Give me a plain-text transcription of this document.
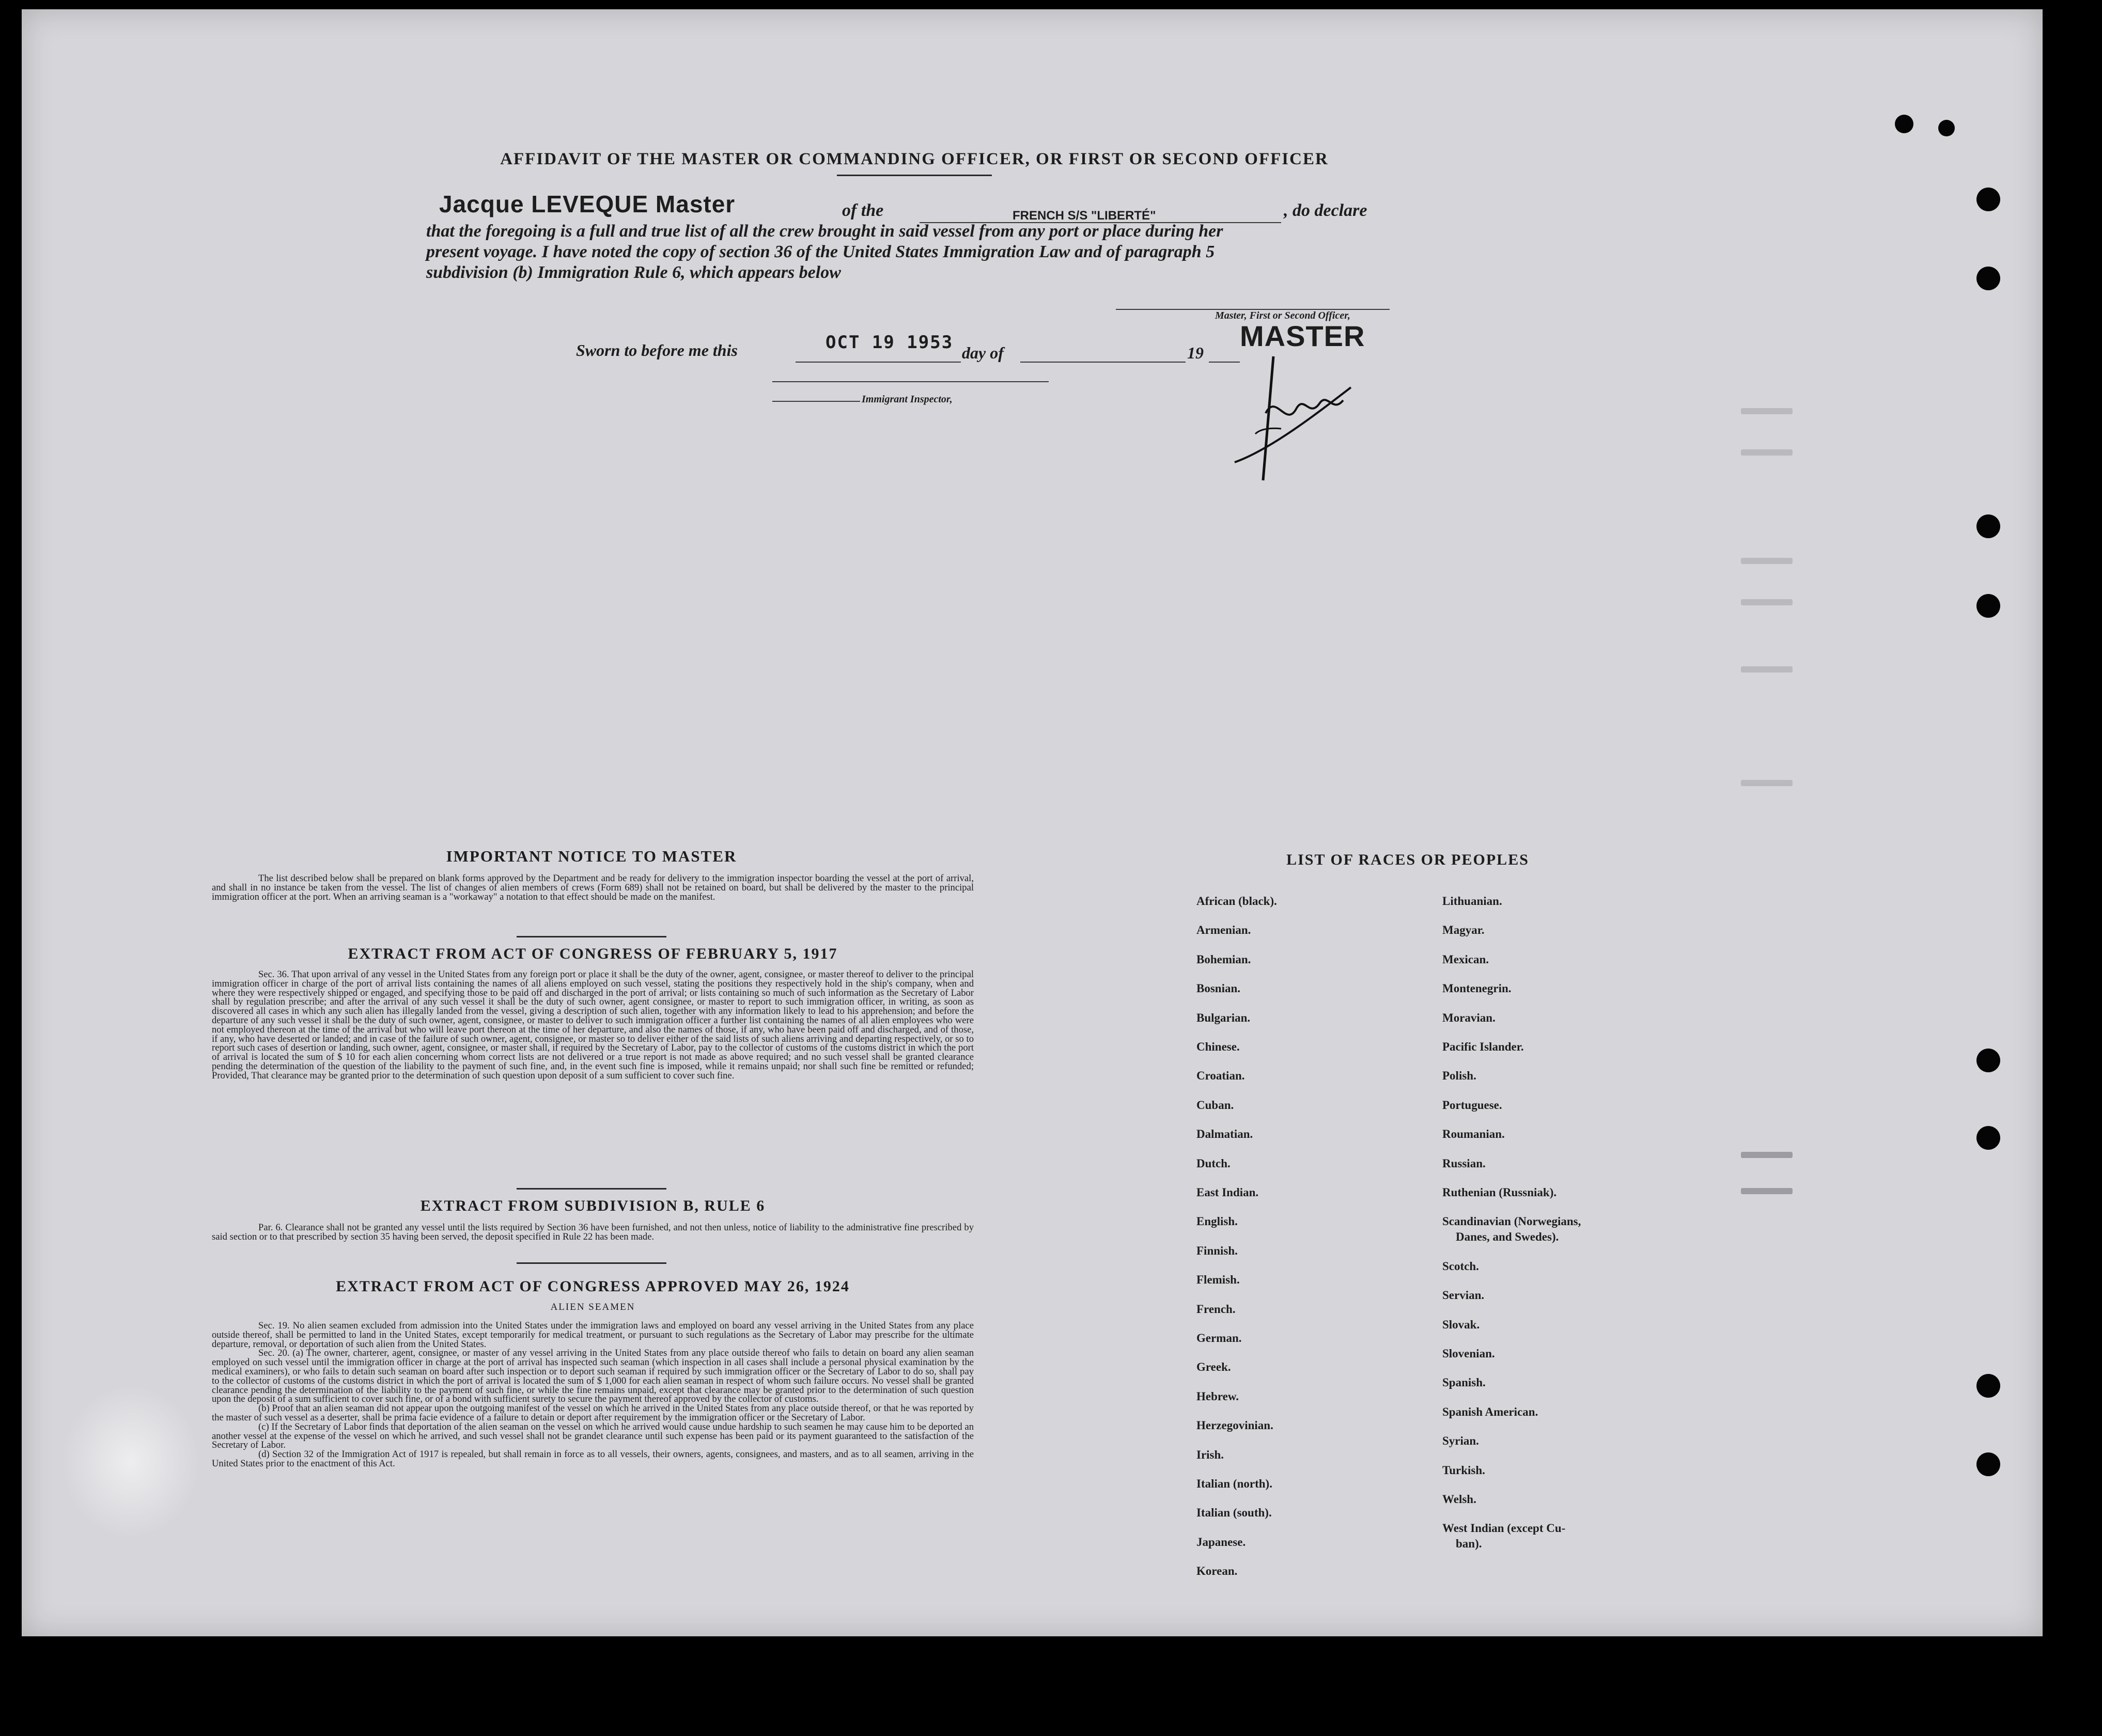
AFFIDAVIT OF THE MASTER OR COMMANDING OFFICER, OR FIRST OR SECOND OFFICER
Jacque LEVEQUE Master	of the	FRENCH S/S "LIBERTÉ"	, do declare
that the foregoing is a full and true list of all the crew brought in said vessel from any port or place during her
present voyage. I have noted the copy of section 36 of the United States Immigration Law and of paragraph 5
subdivision (b) Immigration Rule 6, which appears below
Master, First or Second Officer,
MASTER
Sworn to before me this	OCT 19 1953 day of	19
Immigrant Inspector,
IMPORTANT NOTICE TO MASTER

The list described below shall be prepared on blank forms approved by the Department and be ready for delivery to the immigration inspector boarding the vessel at the port of arrival, and shall in no instance be taken from the vessel. The list of changes of alien members of crews (Form 689) shall not be retained on board, but shall be delivered by the master to the principal immigration officer at the port. When an arriving seaman is a "workaway" a notation to that effect should be made on the manifest.

EXTRACT FROM ACT OF CONGRESS OF FEBRUARY 5, 1917

Sec. 36. That upon arrival of any vessel in the United States from any foreign port or place it shall be the duty of the owner, agent, consignee, or master thereof to deliver to the principal immigration officer in charge of the port of arrival lists containing the names of all aliens employed on such vessel, stating the positions they respectively hold in the ship's company, when and where they were respectively shipped or engaged, and specifying those to be paid off and discharged in the port of arrival; or lists containing so much of such information as the Secretary of Labor shall by regulation prescribe; and after the arrival of any such vessel it shall be the duty of such owner, agent consignee, or master to report to such immigration officer, in writing, as soon as discovered all cases in which any such alien has illegally landed from the vessel, giving a description of such alien, together with any information likely to lead to his apprehension; and before the departure of any such vessel it shall be the duty of such owner, agent, consignee, or master to deliver to such immigration officer a further list containing the names of all alien employees who were not employed thereon at the time of the arrival but who will leave port thereon at the time of her departure, and also the names of those, if any, who have been paid off and discharged, and of those, if any, who have deserted or landed; and in case of the failure of such owner, agent, consignee, or master so to deliver either of the said lists of such aliens arriving and departing respectively, or so to report such cases of desertion or landing, such owner, agent, consignee, or master shall, if required by the Secretary of Labor, pay to the collector of customs of the customs district in which the port of arrival is located the sum of $ 10 for each alien concerning whom correct lists are not delivered or a true report is not made as above required; and no such vessel shall be granted clearance pending the determination of the question of the liability to the payment of such fine, and, in the event such fine is imposed, while it remains unpaid; nor shall such fine be remitted or refunded; Provided, That clearance may be granted prior to the determination of such question upon deposit of a sum sufficient to cover such fine.

EXTRACT FROM SUBDIVISION B, RULE 6

Par. 6. Clearance shall not be granted any vessel until the lists required by Section 36 have been furnished, and not then unless, notice of liability to the administrative fine prescribed by said section or to that prescribed by section 35 having been served, the deposit specified in Rule 22 has been made.

EXTRACT FROM ACT OF CONGRESS APPROVED MAY 26, 1924
ALIEN SEAMEN

Sec. 19. No alien seamen excluded from admission into the United States under the immigration laws and employed on board any vessel arriving in the United States from any place outside thereof, shall be permitted to land in the United States, except temporarily for medical treatment, or pursuant to such regulations as the Secretary of Labor may prescribe for the ultimate departure, removal, or deportation of such alien from the United States.

Sec. 20. (a) The owner, charterer, agent, consignee, or master of any vessel arriving in the United States from any place outside thereof who fails to detain on board any alien seaman employed on such vessel until the immigration officer in charge at the port of arrival has inspected such seaman (which inspection in all cases shall include a personal physical examination by the medical examiners), or who fails to detain such seaman on board after such inspection or to deport such seaman if required by such immigration officer or the Secretary of Labor to do so, shall pay to the collector of customs of the customs district in which the port of arrival is located the sum of $ 1,000 for each alien seaman in respect of whom such failure occurs. No vessel shall be granted clearance pending the determination of the liability to the payment of such fine, or while the fine remains unpaid, except that clearance may be granted prior to the determination of such question upon the deposit of a sum sufficient to cover such fine, or of a bond with sufficient surety to secure the payment thereof approved by the collector of customs.

(b) Proof that an alien seaman did not appear upon the outgoing manifest of the vessel on which he arrived in the United States from any place outside thereof, or that he was reported by the master of such vessel as a deserter, shall be prima facie evidence of a failure to detain or deport after requirement by the immigration officer or the Secretary of Labor.

(c) If the Secretary of Labor finds that deportation of the alien seaman on the vessel on which he arrived would cause undue hardship to such seamen he may cause him to be deported an another vessel at the expense of the vessel on which he arrived, and such vessel shall not be grandet clearance until such expense has been paid or its payment guaranteed to the satisfaction of the Secretary of Labor.

(d) Section 32 of the Immigration Act of 1917 is repealed, but shall remain in force as to all vessels, their owners, agents, consignees, and masters, and as to all seamen, arriving in the United States prior to the enactment of this Act.

LIST OF RACES OR PEOPLES
African (black).
Armenian.
Bohemian.
Bosnian.
Bulgarian.
Chinese.
Croatian.
Cuban.
Dalmatian.
Dutch.
East Indian.
English.
Finnish.
Flemish.
French.
German.
Greek.
Hebrew.
Herzegovinian.
Irish.
Italian (north).
Italian (south).
Japanese.
Korean.
Lithuanian.
Magyar.
Mexican.
Montenegrin.
Moravian.
Pacific Islander.
Polish.
Portuguese.
Roumanian.
Russian.
Ruthenian (Russniak).
Scandinavian (Norwegians,
Danes, and Swedes).
Scotch.
Servian.
Slovak.
Slovenian.
Spanish.
Spanish American.
Syrian.
Turkish.
Welsh.
West Indian (except Cu-
ban).
